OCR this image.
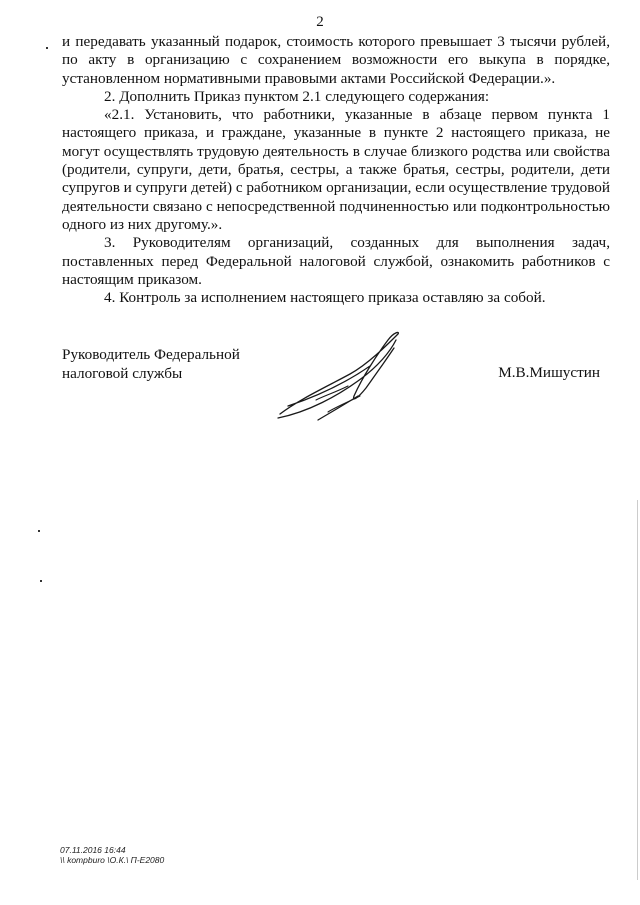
2

и передавать указанный подарок, стоимость которого превышает 3 тысячи рублей, по акту в организацию с сохранением возможности его выкупа в порядке, установленном нормативными правовыми актами Российской Федерации.».

2. Дополнить Приказ пунктом 2.1 следующего содержания:

«2.1. Установить, что работники, указанные в абзаце первом пункта 1 настоящего приказа, и граждане, указанные в пункте 2 настоящего приказа, не могут осуществлять трудовую деятельность в случае близкого родства или свойства (родители, супруги, дети, братья, сестры, а также братья, сестры, родители, дети супругов и супруги детей) с работником организации, если осуществление трудовой деятельности связано с непосредственной подчиненностью или подконтрольностью одного из них другому.».

3. Руководителям организаций, созданных для выполнения задач, поставленных перед Федеральной налоговой службой, ознакомить работников с настоящим приказом.

4. Контроль за исполнением настоящего приказа оставляю за собой.

Руководитель Федеральной
налоговой службы	М.В.Мишустин
07.11.2016 16:44
\\ kompburo \О.К.\ П-Е2080
